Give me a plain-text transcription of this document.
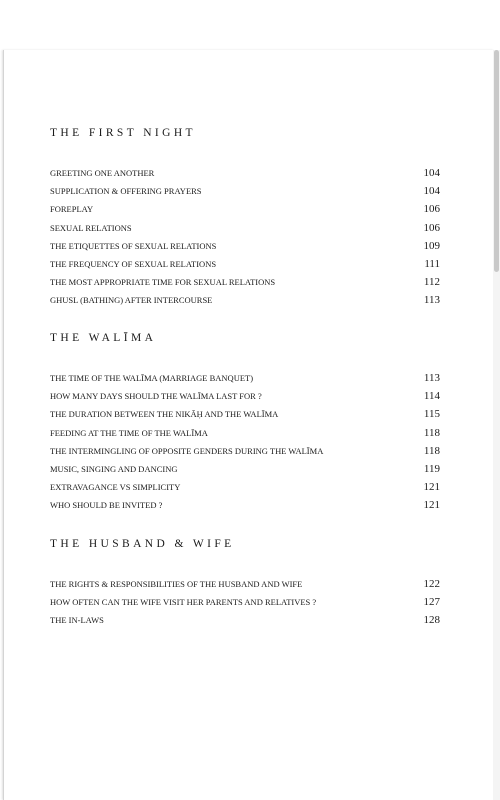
THE FIRST NIGHT
GREETING ONE ANOTHER	104
SUPPLICATION & OFFERING PRAYERS	104
FOREPLAY	106
SEXUAL RELATIONS	106
THE ETIQUETTES OF SEXUAL RELATIONS	109
THE FREQUENCY OF SEXUAL RELATIONS	111
THE MOST APPROPRIATE TIME FOR SEXUAL RELATIONS	112
GHUSL (BATHING) AFTER INTERCOURSE	113
THE WALĪMA
THE TIME OF THE WALĪMA (MARRIAGE BANQUET)	113
HOW MANY DAYS SHOULD THE WALĪMA LAST FOR ?	114
THE DURATION BETWEEN THE NIKĀḤ AND THE WALĪMA	115
FEEDING AT THE TIME OF THE WALĪMA	118
THE INTERMINGLING OF OPPOSITE GENDERS DURING THE WALĪMA	118
MUSIC, SINGING AND DANCING	119
EXTRAVAGANCE VS SIMPLICITY	121
WHO SHOULD BE INVITED ?	121
THE HUSBAND & WIFE
THE RIGHTS & RESPONSIBILITIES OF THE HUSBAND AND WIFE	122
HOW OFTEN CAN THE WIFE VISIT HER PARENTS AND RELATIVES ?	127
THE IN-LAWS	128
